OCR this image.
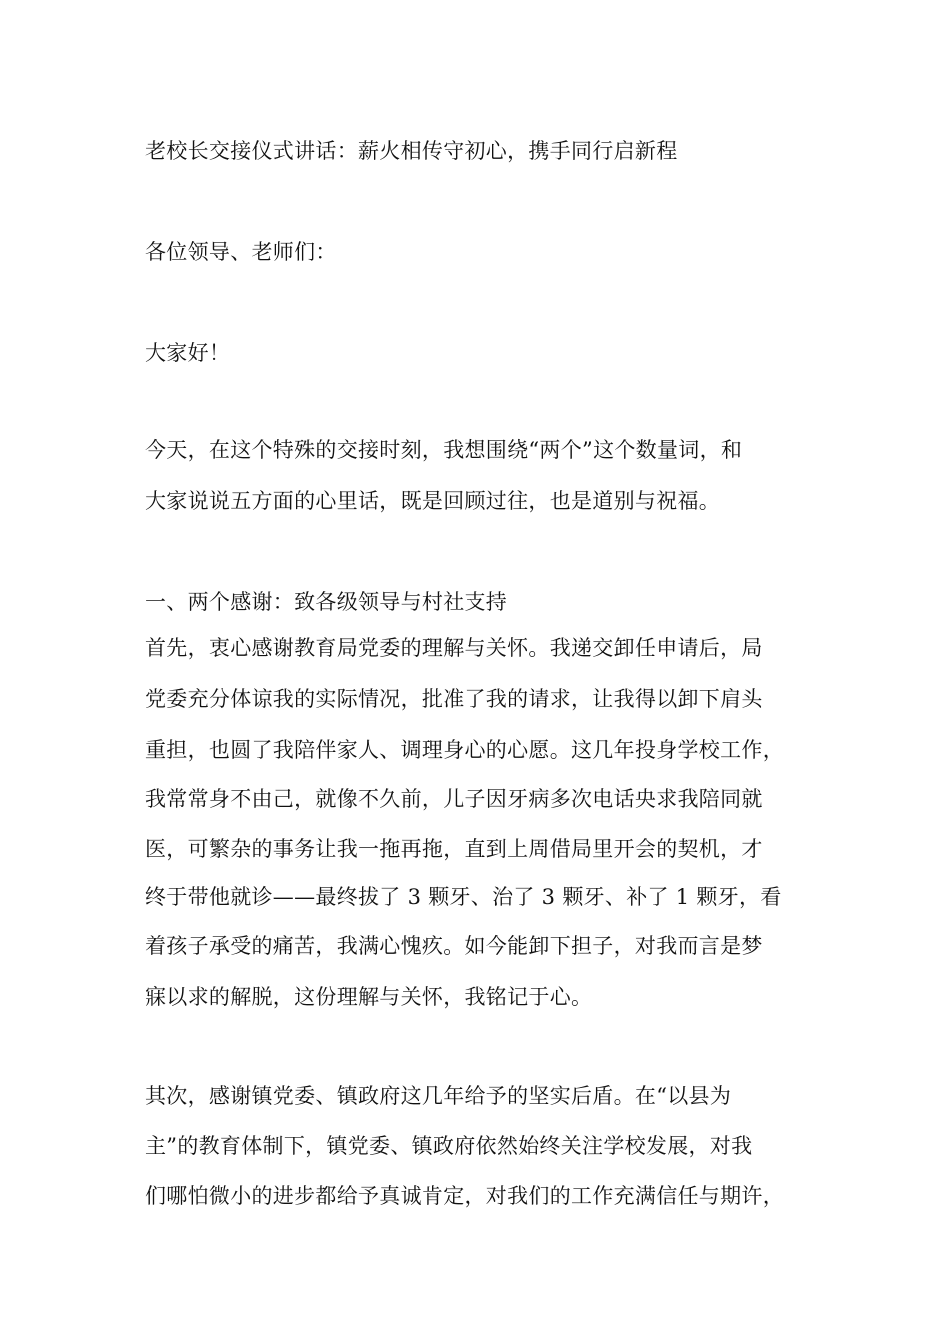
老校长交接仪式讲话：薪火相传守初心，携手同行启新程
各位领导、老师们：
大家好！
今天，在这个特殊的交接时刻，我想围绕“两个”这个数量词，和
大家说说五方面的心里话，既是回顾过往，也是道别与祝福。
一、两个感谢：致各级领导与村社支持
首先，衷心感谢教育局党委的理解与关怀。我递交卸任申请后，局
党委充分体谅我的实际情况，批准了我的请求，让我得以卸下肩头
重担，也圆了我陪伴家人、调理身心的心愿。这几年投身学校工作，
我常常身不由己，就像不久前，儿子因牙病多次电话央求我陪同就
医，可繁杂的事务让我一拖再拖，直到上周借局里开会的契机，才
终于带他就诊——最终拔了 3 颗牙、治了 3 颗牙、补了 1 颗牙，看
着孩子承受的痛苦，我满心愧疚。如今能卸下担子，对我而言是梦
寐以求的解脱，这份理解与关怀，我铭记于心。
其次，感谢镇党委、镇政府这几年给予的坚实后盾。在“以县为
主”的教育体制下，镇党委、镇政府依然始终关注学校发展，对我
们哪怕微小的进步都给予真诚肯定，对我们的工作充满信任与期许，
